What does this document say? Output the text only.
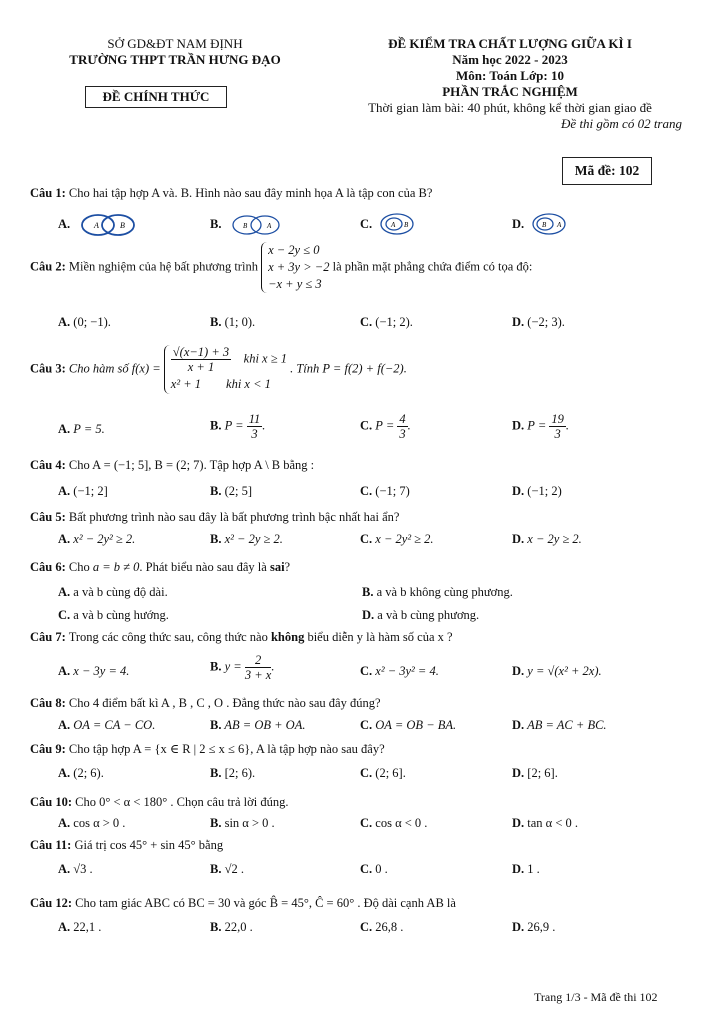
SỞ GD&ĐT NAM ĐỊNH
TRƯỜNG THPT TRẦN HƯNG ĐẠO
ĐỀ CHÍNH THỨC
ĐỀ KIỂM TRA CHẤT LƯỢNG GIỮA KÌ I
Năm học 2022 - 2023
Môn: Toán Lớp: 10
PHẦN TRẮC NGHIỆM
Thời gian làm bài: 40 phút, không kể thời gian giao đề
Đề thi gồm có 02 trang
Mã đề: 102
Câu 1: Cho hai tập hợp A và. B. Hình nào sau đây minh họa A là tập con của B?
A.	A	B	B.	B	A	C.	A B	D.	B A
Câu 2: Miền nghiệm của hệ bất phương trình
x − 2y ≤ 0
x + 3y > −2
−x + y ≤ 3
là phần mặt phẳng chứa điểm có tọa độ:
A. (0; −1).	B. (1; 0).	C. (−1; 2).	D. (−2; 3).
Câu 3: Cho hàm số $f(x) = \frac{√(x-1) + 3}{x + 1}$ khi x ≥ 1
x² + 1 khi x < 1
. Tính P = f(2) + f(−2).
A. P = 5.	B. $P = \frac{11}{3}$ .	C. $P = \frac{4}{3}$ .	D. $P = \frac{19}{3}$ .
Câu 4: Cho A = (−1; 5], B = (2; 7). Tập hợp A \ B bằng :
A. (−1; 2]	B. (2; 5]	C. (−1; 7)	D. (−1; 2)
Câu 5: Bất phương trình nào sau đây là bất phương trình bậc nhất hai ẩn?
A. x² − 2y² ≥ 2.	B. x² − 2y ≥ 2.	C. x − 2y² ≥ 2.	D. x − 2y ≥ 2.
Câu 6: Cho a = b ≠ 0. Phát biểu nào sau đây là sai?
A. a và b cùng độ dài.	B. a và b không cùng phương.
C. a và b cùng hướng.	D. a và b cùng phương.
Câu 7: Trong các công thức sau, công thức nào không biểu diễn y là hàm số của x ?
A. x − 3y = 4.	B. $y = \frac{2}{3 + x}$ .	C. x² − 3y² = 4.	D. y = √(x² + 2x).
Câu 8: Cho 4 điểm bất kì A , B , C , O . Đẳng thức nào sau đây đúng?
A. OA = CA − CO.	B. AB = OB + OA.	C. OA = OB − BA.	D. AB = AC + BC.
Câu 9: Cho tập hợp A = {x ∈ R | 2 ≤ x ≤ 6}, A là tập hợp nào sau đây?
A. (2; 6).	B. [2; 6).	C. (2; 6].	D. [2; 6].
Câu 10: Cho 0° < α < 180° . Chọn câu trả lời đúng.
A. cos α > 0 .	B. sin α > 0 .	C. cos α < 0 .	D. tan α < 0 .
Câu 11: Giá trị cos 45° + sin 45° bằng
A. √3 .	B. √2 .	C. 0 .	D. 1 .
Câu 12: Cho tam giác ABC có BC = 30 và góc B̂ = 45°, Ĉ = 60° . Độ dài cạnh AB là
A. 22,1 .	B. 22,0 .	C. 26,8 .	D. 26,9 .
Trang 1/3 - Mã đề thi 102
